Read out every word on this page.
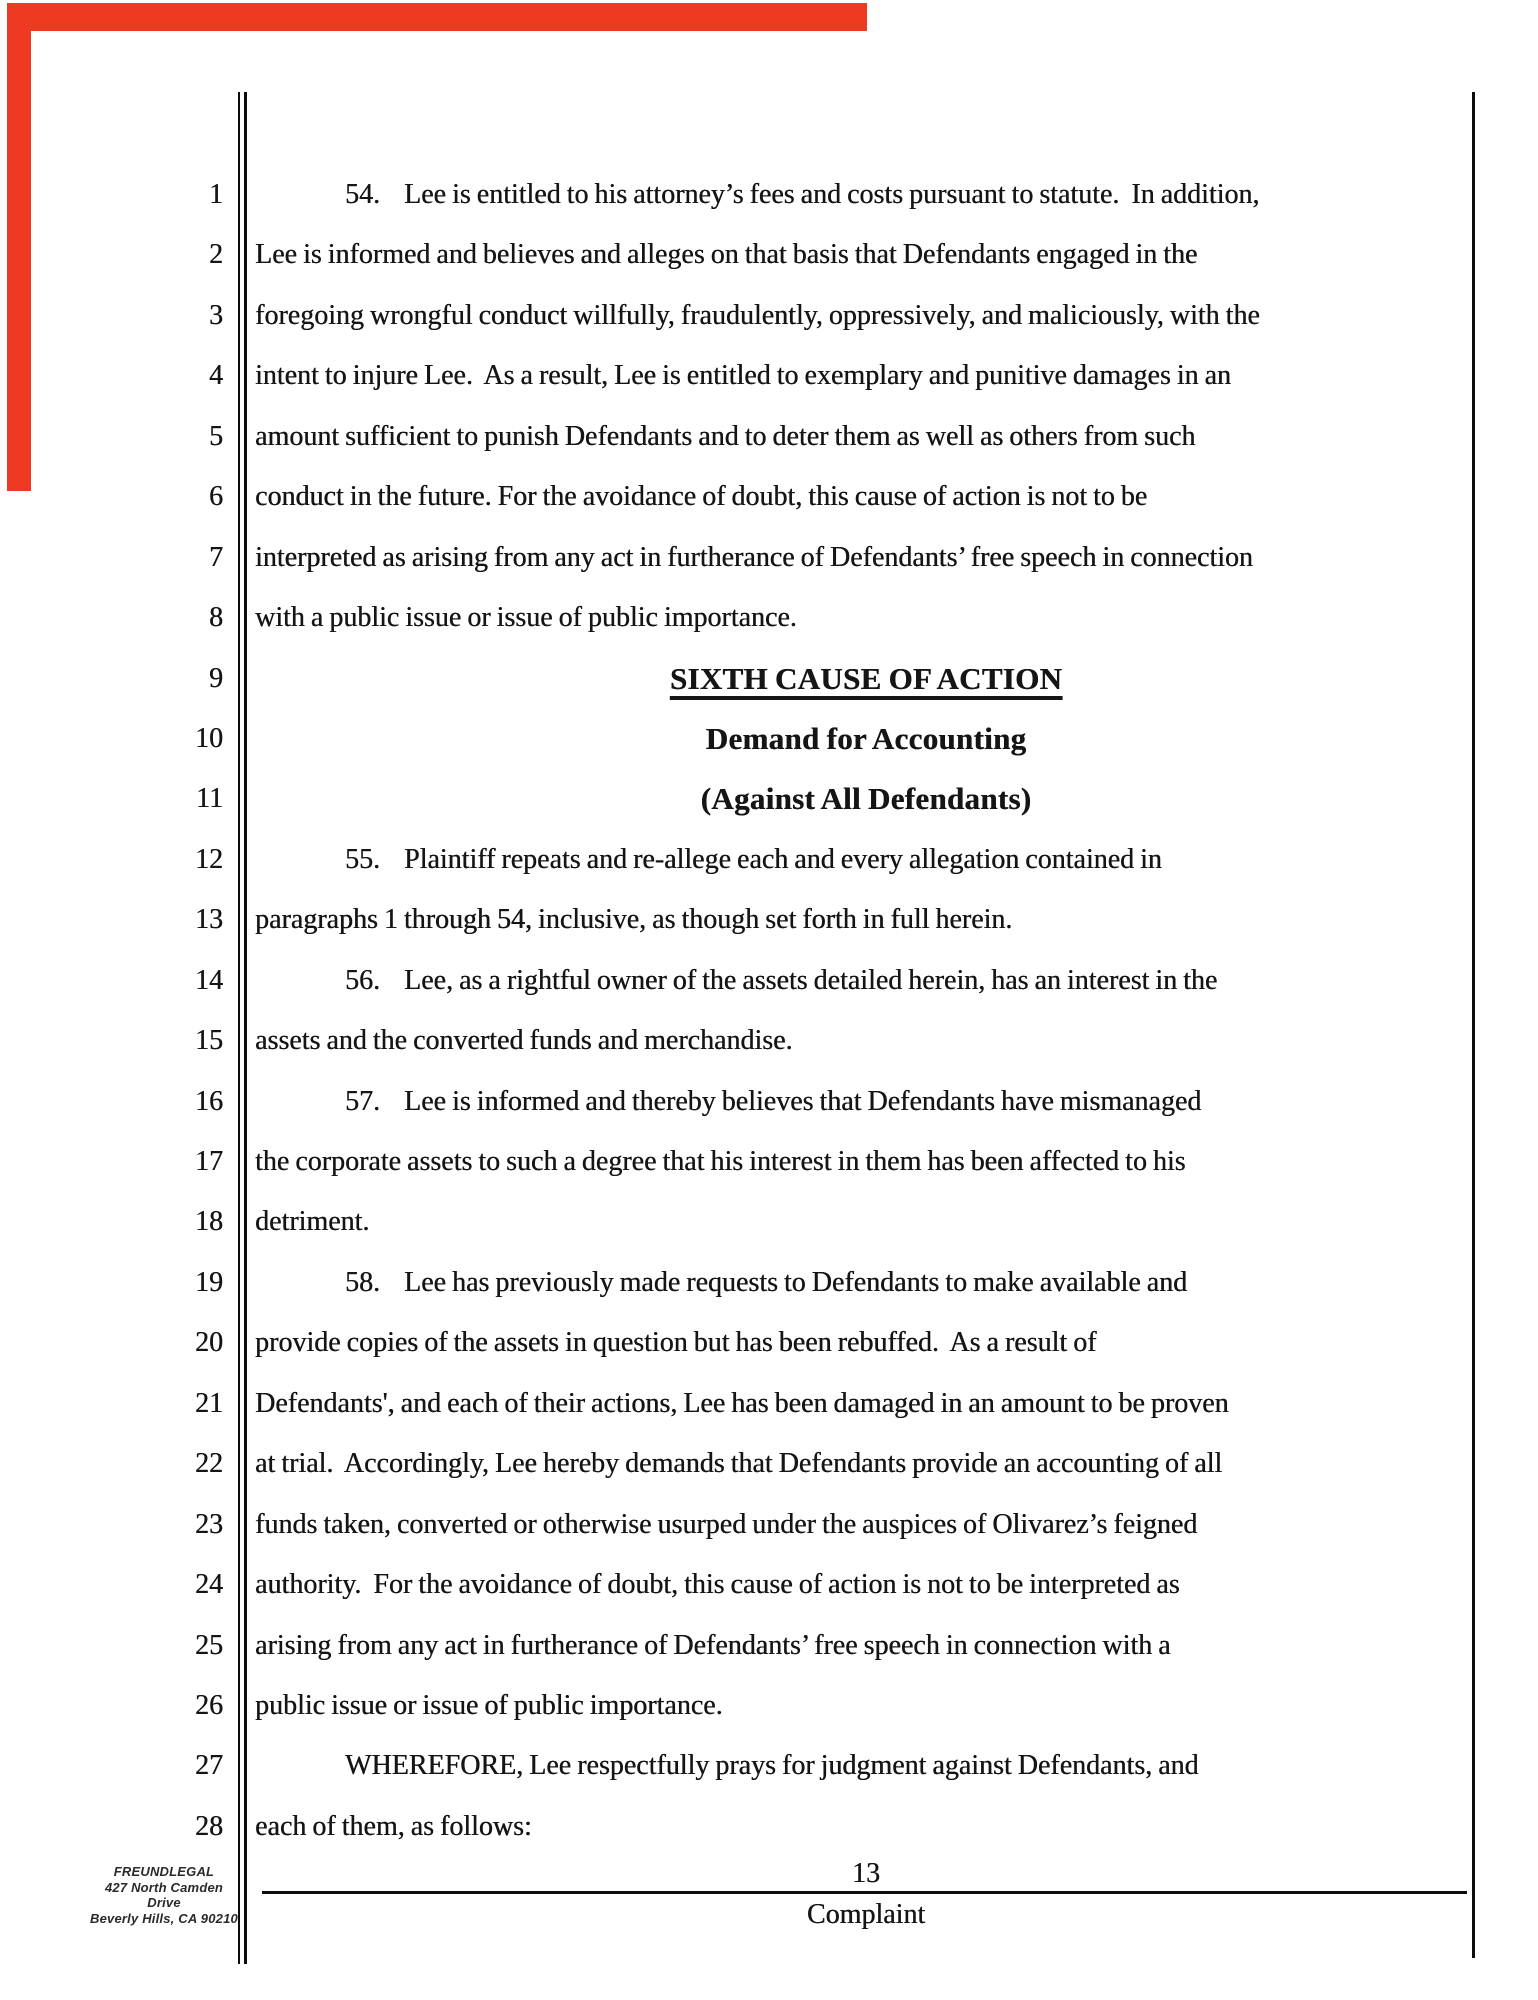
1
2
3
4
5
6
7
8
9
10
11
12
13
14
15
16
17
18
19
20
21
22
23
24
25
26
27
28
54.    Lee is entitled to his attorney’s fees and costs pursuant to statute.  In addition,
Lee is informed and believes and alleges on that basis that Defendants engaged in the
foregoing wrongful conduct willfully, fraudulently, oppressively, and maliciously, with the
intent to injure Lee.  As a result, Lee is entitled to exemplary and punitive damages in an
amount sufficient to punish Defendants and to deter them as well as others from such
conduct in the future. For the avoidance of doubt, this cause of action is not to be
interpreted as arising from any act in furtherance of Defendants’ free speech in connection
with a public issue or issue of public importance.
SIXTH CAUSE OF ACTION
Demand for Accounting
(Against All Defendants)
55.    Plaintiff repeats and re-allege each and every allegation contained in
paragraphs 1 through 54, inclusive, as though set forth in full herein.
56.    Lee, as a rightful owner of the assets detailed herein, has an interest in the
assets and the converted funds and merchandise.
57.    Lee is informed and thereby believes that Defendants have mismanaged
the corporate assets to such a degree that his interest in them has been affected to his
detriment.
58.    Lee has previously made requests to Defendants to make available and
provide copies of the assets in question but has been rebuffed.  As a result of
Defendants', and each of their actions, Lee has been damaged in an amount to be proven
at trial.  Accordingly, Lee hereby demands that Defendants provide an accounting of all
funds taken, converted or otherwise usurped under the auspices of Olivarez’s feigned
authority.  For the avoidance of doubt, this cause of action is not to be interpreted as
arising from any act in furtherance of Defendants’ free speech in connection with a
public issue or issue of public importance.
WHEREFORE, Lee respectfully prays for judgment against Defendants, and
each of them, as follows:
FREUNDLEGAL
427 North Camden Drive
Beverly Hills, CA 90210
13
Complaint
